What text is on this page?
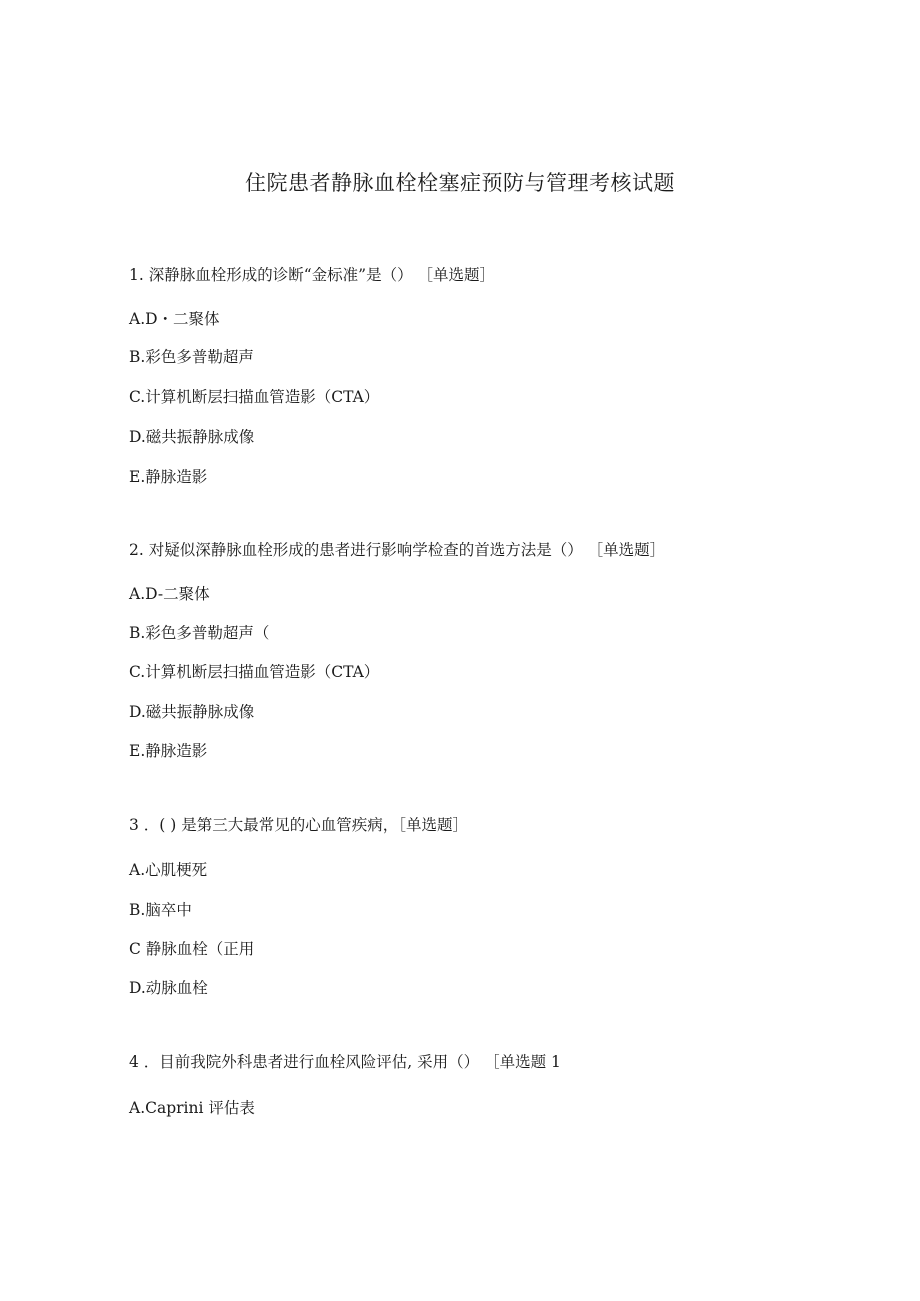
住院患者静脉血栓栓塞症预防与管理考核试题
1. 深静脉血栓形成的诊断“金标准”是（） ［单选题］
A.D・二聚体
B.彩色多普勒超声
C.计算机断层扫描血管造影（CTA）
D.磁共振静脉成像
E.静脉造影
2. 对疑似深静脉血栓形成的患者进行影响学检查的首选方法是（） ［单选题］
A.D-二聚体
B.彩色多普勒超声（
C.计算机断层扫描血管造影（CTA）
D.磁共振静脉成像
E.静脉造影
3 ．( ) 是第三大最常见的心血管疾病，［单选题］
A.心肌梗死
B.脑卒中
C 静脉血栓（正用
D.动脉血栓
4 ．目前我院外科患者进行血栓风险评估, 采用（） ［单选题 1
A.Caprini 评估表
